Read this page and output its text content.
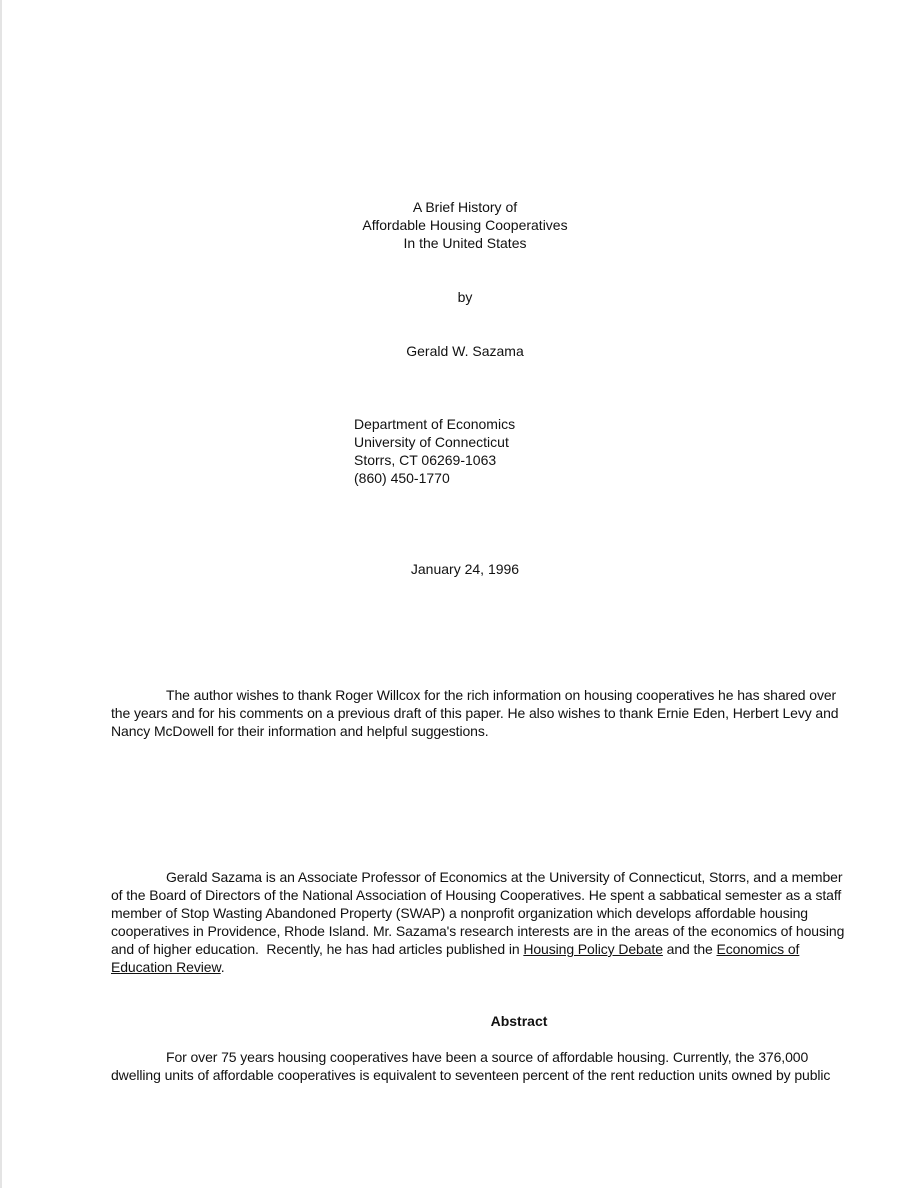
A Brief History of
Affordable Housing Cooperatives
In the United States
by
Gerald W. Sazama
Department of Economics
University of Connecticut
Storrs, CT 06269-1063
(860) 450-1770
January 24, 1996
The author wishes to thank Roger Willcox for the rich information on housing cooperatives he has shared over
the years and for his comments on a previous draft of this paper. He also wishes to thank Ernie Eden, Herbert Levy and
Nancy McDowell for their information and helpful suggestions.
Gerald Sazama is an Associate Professor of Economics at the University of Connecticut, Storrs, and a member
of the Board of Directors of the National Association of Housing Cooperatives. He spent a sabbatical semester as a staff
member of Stop Wasting Abandoned Property (SWAP) a nonprofit organization which develops affordable housing
cooperatives in Providence, Rhode Island. Mr. Sazama's research interests are in the areas of the economics of housing
and of higher education.  Recently, he has had articles published in Housing Policy Debate and the Economics of
Education Review.
Abstract
For over 75 years housing cooperatives have been a source of affordable housing. Currently, the 376,000
dwelling units of affordable cooperatives is equivalent to seventeen percent of the rent reduction units owned by public
